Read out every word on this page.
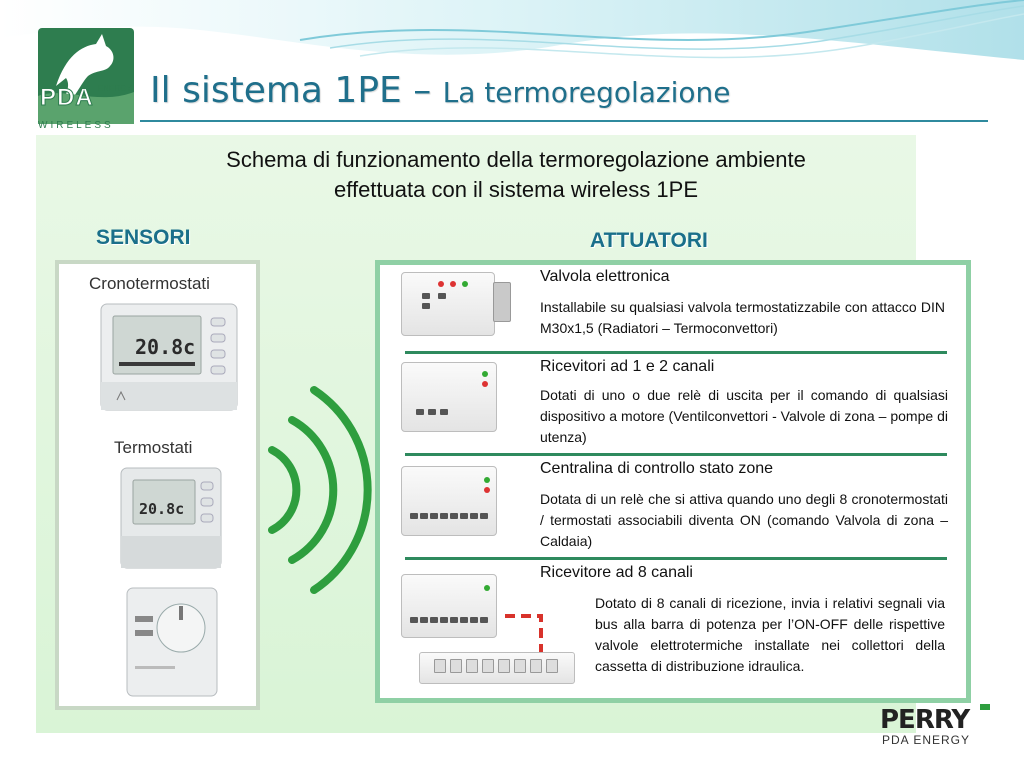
PDA ENERGY
WIRELESS
Il sistema 1PE – La termoregolazione
Schema di funzionamento della termoregolazione ambiente
effettuata con il sistema wireless 1PE
SENSORI	ATTUATORI
Cronotermostati
20.8c
Termostati
20.8c
Valvola elettronica
Installabile su qualsiasi valvola termostatizzabile con attacco DIN M30x1,5 (Radiatori – Termoconvettori)
Ricevitori ad 1 e 2 canali
Dotati di uno o due relè di uscita per il comando di qualsiasi dispositivo a motore (Ventilconvettori - Valvole di zona – pompe di utenza)
Centralina di controllo stato zone
Dotata di un relè che si attiva quando uno degli 8 cronotermostati / termostati associabili diventa ON (comando Valvola di zona – Caldaia)
Ricevitore ad 8 canali
Dotato di 8 canali di ricezione, invia i relativi segnali via bus alla barra di potenza per l’ON-OFF delle rispettive valvole elettrotermiche installate nei collettori della cassetta di distribuzione idraulica.
PERRY
PDA ENERGY
